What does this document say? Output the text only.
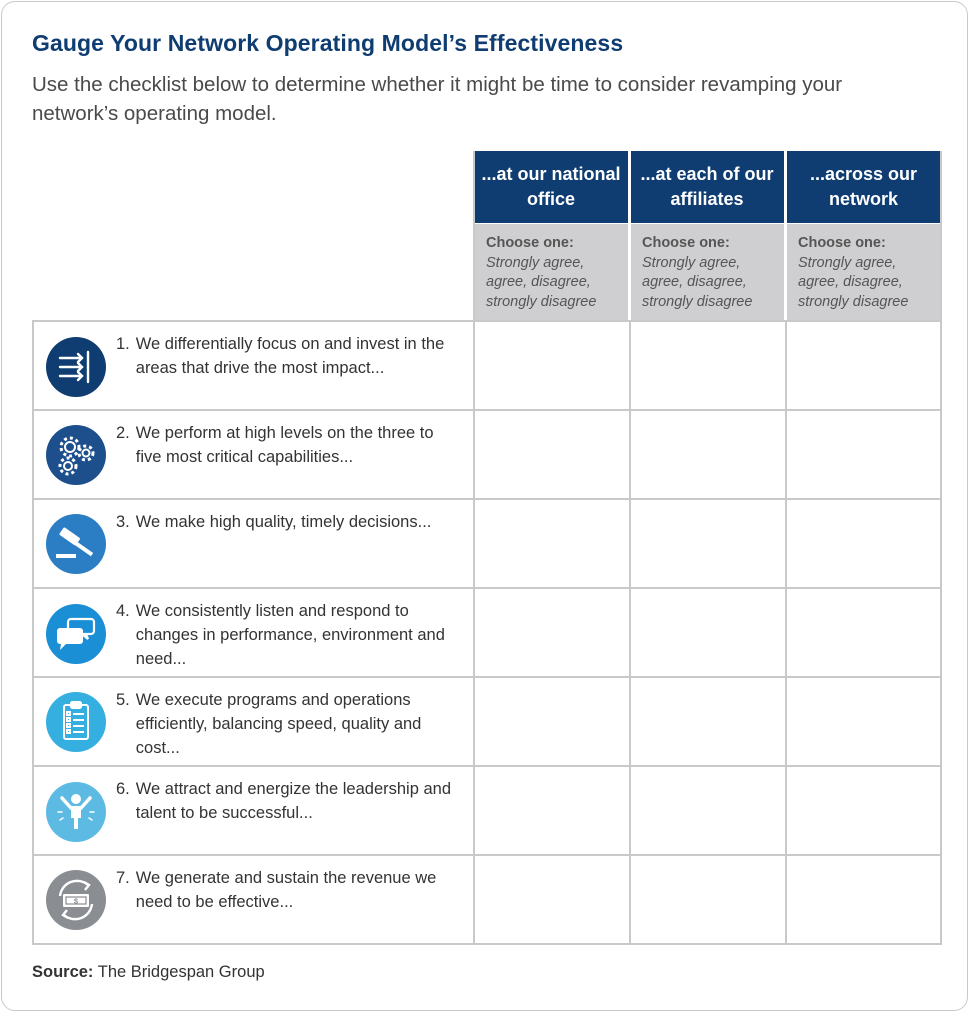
Gauge Your Network Operating Model’s Effectiveness
Use the checklist below to determine whether it might be time to consider revamping your network’s operating model.
...at our national office
...at each of our affiliates
...across our network
Choose one:
Strongly agree, agree, disagree, strongly disagree
Choose one:
Strongly agree, agree, disagree, strongly disagree
Choose one:
Strongly agree, agree, disagree, strongly disagree
1. We differentially focus on and invest in the areas that drive the most impact...
2. We perform at high levels on the three to five most critical capabilities...
3. We make high quality, timely decisions...
4. We consistently listen and respond to changes in performance, environment and need...
5. We execute programs and operations efficiently, balancing speed, quality and cost...
6. We attract and energize the leadership and talent to be successful...
$
7. We generate and sustain the revenue we need to be effective...
Source: The Bridgespan Group
